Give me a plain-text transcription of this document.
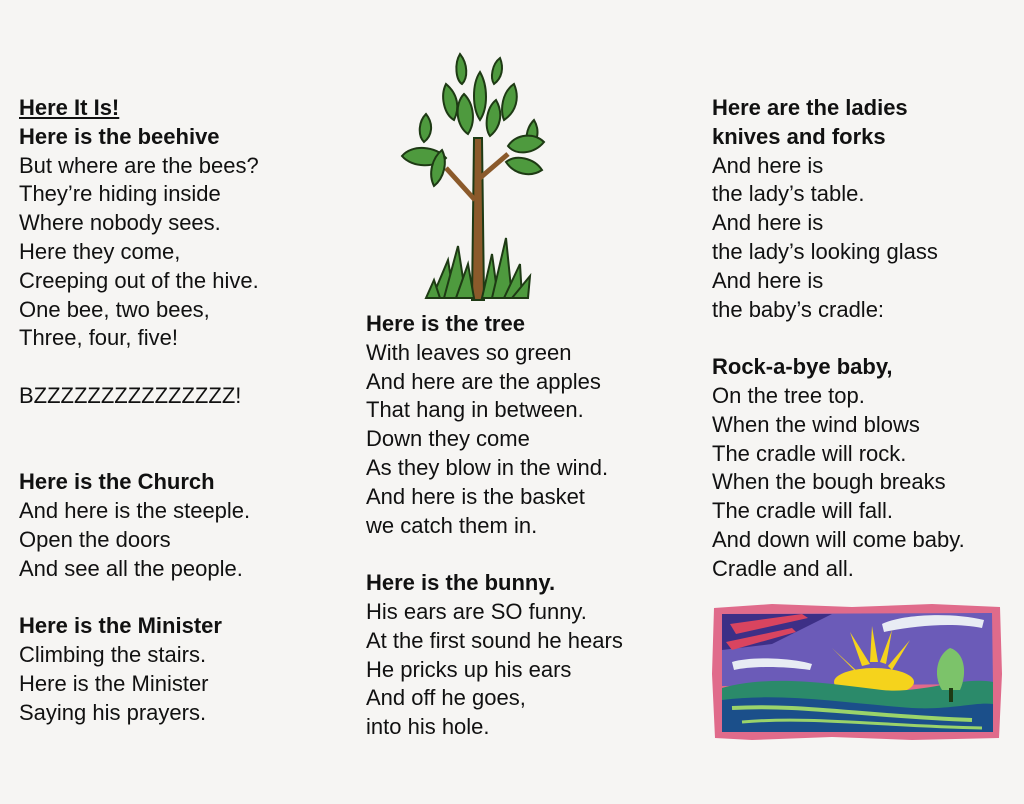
Here It Is!
Here is the beehive
But where are the bees?
They’re hiding inside
Where nobody sees.
Here they come,
Creeping out of the hive.
One bee, two bees,
Three, four, five!
BZZZZZZZZZZZZZZZ!
Here is the Church
And here is the steeple.
Open the doors
And see all the people.
Here is the Minister
Climbing the stairs.
Here is the Minister
Saying his prayers.
Here is the tree
With leaves so green
And here are the apples
That hang in between.
Down they come
As they blow in the wind.
And here is the basket
we catch them in.
Here is the bunny.
His ears are SO funny.
At the first sound he hears
He pricks up his ears
And off he goes,
into his hole.
Here are the ladies
knives and forks
And here is
the lady’s table.
And here is
the lady’s looking glass
And here is
the baby’s cradle:
Rock-a-bye baby,
On the tree top.
When the wind blows
The cradle will rock.
When the bough breaks
The cradle will fall.
And down will come baby.
Cradle and all.
